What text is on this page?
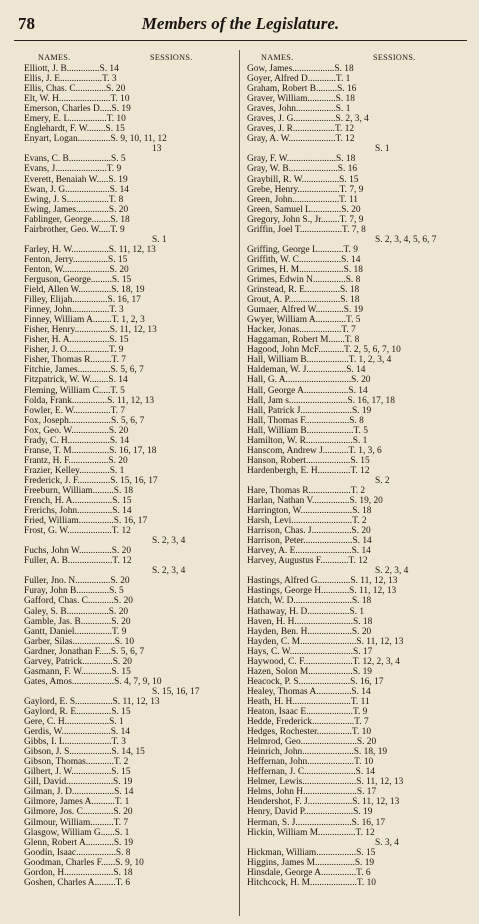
78	Members of the Legislature.
NAMES.	SESSIONS.
Elliott, J. B..............S. 14
Ellis, J. E..................T. 3
Ellis, Chas. C.............S. 20
Elt, W. H......................T. 10
Emerson, Charles D.....S. 19
Emery, E. L................T. 10
Englehardt, F. W........S. 15
Enyart, Logan..............S. 9, 10, 11, 12
13
Evans, C. B..................S. 5
Evans, J......................T. 9
Everett, Benaiah W.....S. 19
Ewan, J. G...................S. 14
Ewing, J. S..................T. 8
Ewing, James..............S. 20
Fablinger, George........S. 18
Fairbrother, Geo. W.....T. 9
S. 1
Farley, H. W................S. 11, 12, 13
Fenton, Jerry...............S. 15
Fenton, W....................S. 20
Ferguson, George.........S. 15
Field, Allen W..............S. 18, 19
Filley, Elijah...............S. 16, 17
Finney, John................T. 3
Finney, William A........T. 1, 2, 3
Fisher, Henry...............S. 11, 12, 13
Fisher, H. A.................S. 15
Fisher, J. O..................T. 9
Fisher, Thomas R.........T. 7
Fitchie, James..............S. 5, 6, 7
Fitzpatrick, W. W........S. 14
Fleming, William C.....T. 5
Folda, Frank...............S. 11, 12, 13
Fowler, E. W................T. 7
Fox, Joseph..................S. 5, 6, 7
Fox, Geo. W................S. 20
Frady, C. H..................S. 14
Franse, T. M................S. 16, 17, 18
Frantz, H. F.................S. 20
Frazier, Kelley.............S. 1
Frederick, J. F..............S. 15, 16, 17
Freeburn, William.........S. 18
French, H. A.................S. 15
Frerichs, John...............S. 14
Fried, William...............S. 16, 17
Frost, G. W...................T. 12
S. 2, 3, 4
Fuchs, John W..............S. 20
Fuller, A. B...................T. 12
S. 2, 3, 4
Fuller, Jno. N...............S. 20
Furay, John B..............S. 5
Gafford, Chas. C...........S. 20
Galey, S. B..................S. 20
Gamble, Jas. B.............S. 20
Gantt, Daniel................T. 9
Garber, Silas..................S. 10
Gardner, Jonathan F.....S. 5, 6, 7
Garvey, Patrick.............S. 20
Gasmann, F. W.............S. 15
Gates, Amos..................S. 4, 7, 9, 10
S. 15, 16, 17
Gaylord, E. S................S. 11, 12, 13
Gaylord, R. E...............S. 15
Gere, C. H...................S. 1
Gerdis, W.....................S. 14
Gibbs, I. L....................T. 3
Gibson, J. S..................S. 14, 15
Gibson, Thomas............T. 2
Gilbert, J. W.................S. 15
Gill, David....................S. 19
Gilman, J. D..................S. 14
Gilmore, James A..........T. 1
Gilmore, Jos. C.............S. 20
Gilmour, William..........T. 7
Glasgow, William G......S. 1
Glenn, Robert A............S. 19
Goodin, Isaac.................S. 8
Goodman, Charles F......S. 9, 10
Gordon, H.....................S. 18
Goshen, Charles A.........T. 6
NAMES.	SESSIONS.
Gow, James..................S. 18
Goyer, Alfred D............T. 1
Graham, Robert B.........S. 16
Graver, William............S. 18
Graves, John.................S. 1
Graves, J. G..................S. 2, 3, 4
Graves, J. R..................T. 12
Gray, A. W....................T. 12
S. 1
Gray, F. W.....................S. 18
Gray, W. B.....................S. 16
Graybill, R. W................S. 15
Grebe, Henry..................T. 7, 9
Green, John....................T. 11
Green, Samuel L.............S. 20
Gregory, John S., Jr........T. 7, 9
Griffin, Joel T..................T. 7, 8
S. 2, 3, 4, 5, 6, 7
Griffing, George L...........T. 9
Griffith, W. C..................S. 14
Grimes, H. M...................S. 18
Grimes, Edwin N..............S. 8
Grinstead, R. E...............S. 18
Grout, A. P......................S. 18
Gumaer, Alfred W............S. 19
Gwyer, William A.............T. 5
Hacker, Jonas..................T. 7
Haggaman, Robert M.......T. 8
Hagood, John McF...........T. 2, 5, 6, 7, 10
Hall, William B..................T. 1, 2, 3, 4
Haldeman, W. J.................S. 14
Hall, G. A............................S. 20
Hall, George A...................S. 14
Hall, Jam s.........................S. 16, 17, 18
Hall, Patrick J......................S. 19
Hall, Thomas F...................S. 8
Hall, William B....................T. 5
Hamilton, W. R....................S. 1
Hanscom, Andrew J...........T. 1, 3, 6
Hanson, Robert...................S. 15
Hardenbergh, E. H..............T. 12
S. 2
Hare, Thomas R..................T. 2
Harlan, Nathan V................S. 19, 20
Harrington, W......................S. 18
Harsh, Levi..........................T. 2
Harrison, Chas. J.................S. 20
Harrison, Peter.....................S. 14
Harvey, A. E........................S. 14
Harvey, Augustus F............T. 12
S. 2, 3, 4
Hastings, Alfred G..............S. 11, 12, 13
Hastings, George H............S. 11, 12, 13
Hatch, W. D.........................S. 18
Hathaway, H. D..................S. 1
Haven, H. H.........................S. 18
Hayden, Ben. H...................S. 20
Hayden, C. M........................S. 11, 12, 13
Hays, C. W...........................S. 17
Haywood, C. F.....................T. 12, 2, 3, 4
Hazen, Solon M...................S. 19
Heacock, P. S......................S. 16, 17
Healey, Thomas A...............S. 14
Heath, H. H.........................T. 11
Heaton, Isaac E....................T. 9
Hedde, Frederick..................T. 7
Hedges, Rochester...............T. 10
Helmrod, Geo........................S. 20
Heinrich, John......................S. 18, 19
Heffernan, John....................T. 10
Heffernan, J. C......................S. 14
Helmer, Lewis.......................S. 11, 12, 13
Helms, John H.......................S. 17
Hendershot, F. J...................S. 11, 12, 13
Henry, David P.....................S. 19
Herman, S. J........................S. 16, 17
Hickin, William M................T. 12
S. 3, 4
Hickman, William.................S. 15
Higgins, James M.................S. 19
Hinsdale, George A...............T. 6
Hitchcock, H. M....................T. 10
